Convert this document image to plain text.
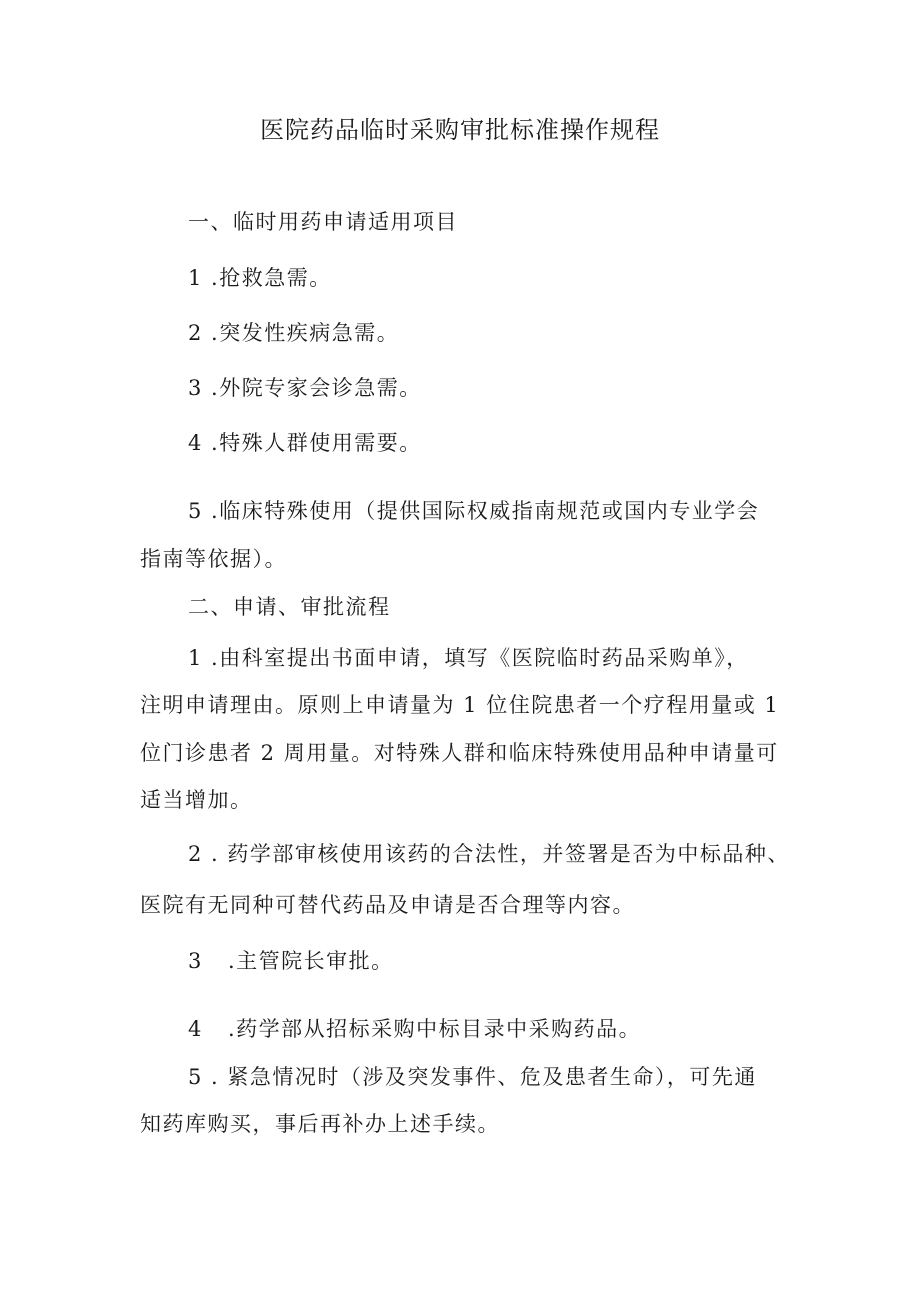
医院药品临时采购审批标准操作规程
一、临时用药申请适用项目
1 .抢救急需。
2 .突发性疾病急需。
3 .外院专家会诊急需。
4 .特殊人群使用需要。
5 .临床特殊使用（提供国际权威指南规范或国内专业学会
指南等依据）。
二、申请、审批流程
1 .由科室提出书面申请，填写《医院临时药品采购单》，
注明申请理由。原则上申请量为 1 位住院患者一个疗程用量或 1
位门诊患者 2 周用量。对特殊人群和临床特殊使用品种申请量可
适当增加。
2 . 药学部审核使用该药的合法性，并签署是否为中标品种、
医院有无同种可替代药品及申请是否合理等内容。
3 .主管院长审批。
4 .药学部从招标采购中标目录中采购药品。
5 . 紧急情况时（涉及突发事件、危及患者生命），可先通
知药库购买，事后再补办上述手续。
